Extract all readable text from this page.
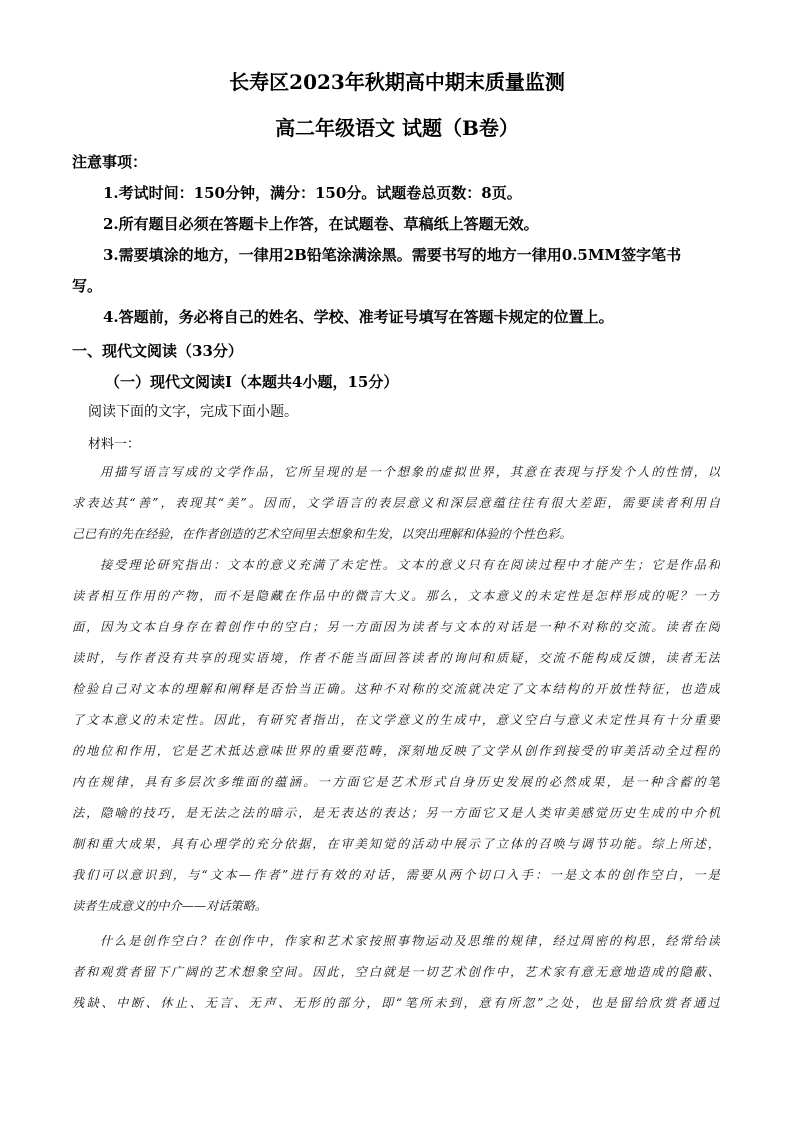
长寿区2023年秋期高中期末质量监测
高二年级语文 试题（B卷）
注意事项：
1.考试时间：150分钟，满分：150分。试题卷总页数：8页。
2.所有题目必须在答题卡上作答，在试题卷、草稿纸上答题无效。
3.需要填涂的地方，一律用2B铅笔涂满涂黑。需要书写的地方一律用0.5MM签字笔书
写。
4.答题前，务必将自己的姓名、学校、准考证号填写在答题卡规定的位置上。
一、现代文阅读（33分）
（一）现代文阅读Ⅰ（本题共4小题，15分）
阅读下面的文字，完成下面小题。
材料一：
用描写语言写成的文学作品，它所呈现的是一个想象的虚拟世界，其意在表现与抒发个人的性情，以
求表达其“善”，表现其“美”。因而，文学语言的表层意义和深层意蕴往往有很大差距，需要读者利用自
己已有的先在经验，在作者创造的艺术空间里去想象和生发，以突出理解和体验的个性色彩。
接受理论研究指出：文本的意义充满了未定性。文本的意义只有在阅读过程中才能产生；它是作品和
读者相互作用的产物，而不是隐藏在作品中的微言大义。那么，文本意义的未定性是怎样形成的呢？一方
面，因为文本自身存在着创作中的空白；另一方面因为读者与文本的对话是一种不对称的交流。读者在阅
读时，与作者没有共享的现实语境，作者不能当面回答读者的询问和质疑，交流不能构成反馈，读者无法
检验自己对文本的理解和阐释是否恰当正确。这种不对称的交流就决定了文本结构的开放性特征，也造成
了文本意义的未定性。因此，有研究者指出，在文学意义的生成中，意义空白与意义未定性具有十分重要
的地位和作用，它是艺术抵达意味世界的重要范畴，深刻地反映了文学从创作到接受的审美活动全过程的
内在规律，具有多层次多维面的蕴涵。一方面它是艺术形式自身历史发展的必然成果，是一种含蓄的笔
法，隐喻的技巧，是无法之法的暗示，是无表达的表达；另一方面它又是人类审美感觉历史生成的中介机
制和重大成果，具有心理学的充分依据，在审美知觉的活动中展示了立体的召唤与调节功能。综上所述，
我们可以意识到，与“文本—作者”进行有效的对话，需要从两个切口入手：一是文本的创作空白，一是
读者生成意义的中介——对话策略。
什么是创作空白？在创作中，作家和艺术家按照事物运动及思维的规律，经过周密的构思，经常给读
者和观赏者留下广阔的艺术想象空间。因此，空白就是一切艺术创作中，艺术家有意无意地造成的隐蔽、
残缺、中断、休止、无言、无声、无形的部分，即“笔所未到，意有所忽”之处，也是留给欣赏者通过
